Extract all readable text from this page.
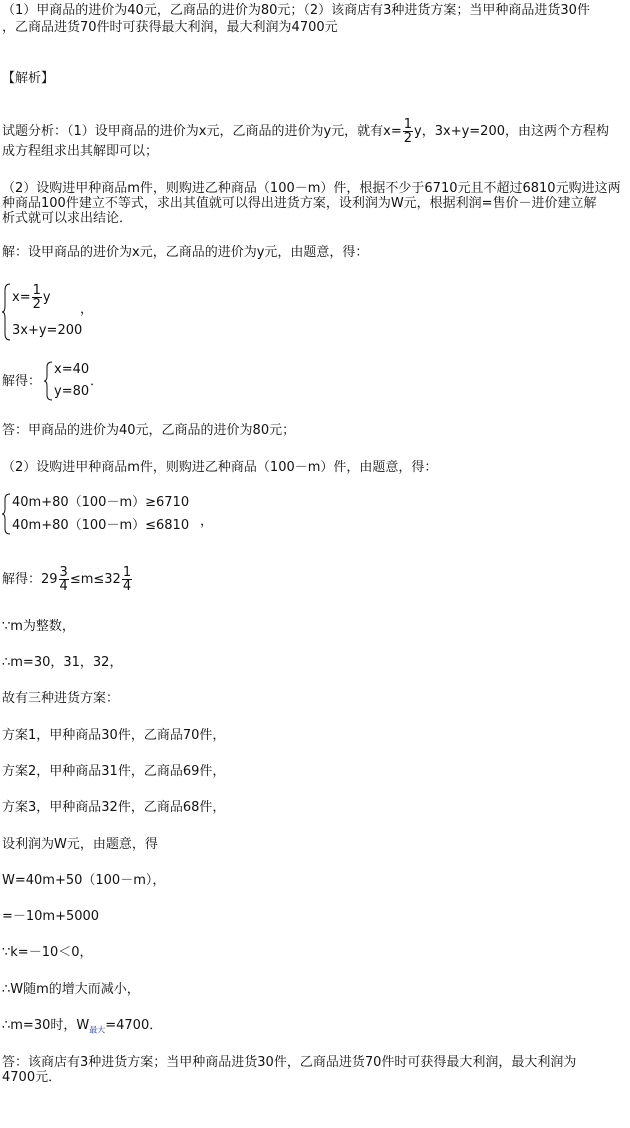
（1）甲商品的进价为40元，乙商品的进价为80元；（2）该商店有3种进货方案；当甲种商品进货30件
，乙商品进货70件时可获得最大利润，最大利润为4700元
【解析】
试题分析：（1）设甲商品的进价为x元，乙商品的进价为y元，就有$x= \frac{1}{2}$ y，3x+y=200，由这两个方程构
成方程组求出其解即可以；
（2）设购进甲种商品m件，则购进乙种商品（100－m）件，根据不少于6710元且不超过6810元购进这两
种商品100件建立不等式，求出其值就可以得出进货方案，设利润为W元，根据利润=售价－进价建立解
析式就可以求出结论．
解：设甲商品的进价为x元，乙商品的进价为y元，由题意，得：
$x= \frac{1}{2}$ y
3x+y=200
，
解得：
x=40
y=80
．
答：甲商品的进价为40元，乙商品的进价为80元；
（2）设购进甲种商品m件，则购进乙种商品（100－m）件，由题意，得：
40m+80（100－m）≥6710
40m+80（100－m）≤6810 ，
解得：$29 \frac{3}{4} \le m\le 32 \frac{1}{4}$
∵m为整数，
∴m=30，31，32，
故有三种进货方案：
方案1，甲种商品30件，乙商品70件，
方案2，甲种商品31件，乙商品69件，
方案3，甲种商品32件，乙商品68件，
设利润为W元，由题意，得
W=40m+50（100－m），
=－10m+5000
∵k=－10＜0，
∴W随m的增大而减小，
∴m=30时，$W_{最大}=4700$．
答：该商店有3种进货方案；当甲种商品进货30件，乙商品进货70件时可获得最大利润，最大利润为
4700元．
